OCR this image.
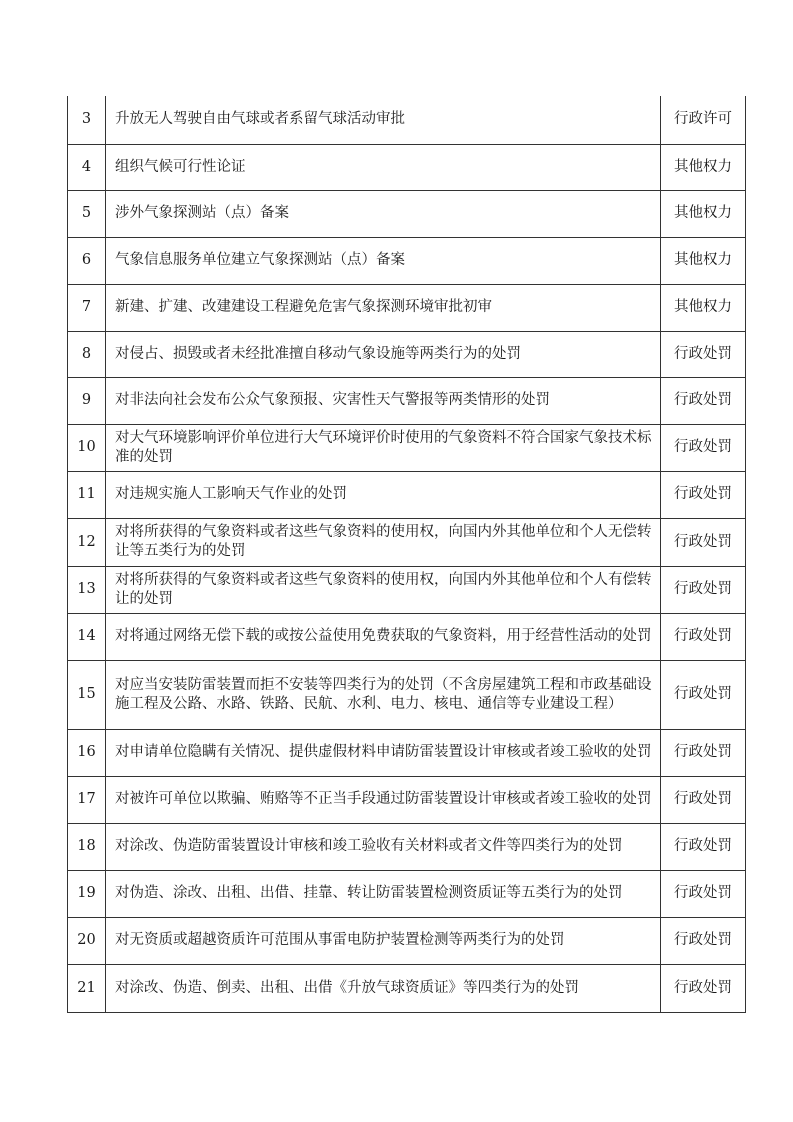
3	升放无人驾驶自由气球或者系留气球活动审批	行政许可
4	组织气候可行性论证	其他权力
5	涉外气象探测站（点）备案	其他权力
6	气象信息服务单位建立气象探测站（点）备案	其他权力
7	新建、扩建、改建建设工程避免危害气象探测环境审批初审	其他权力
8	对侵占、损毁或者未经批准擅自移动气象设施等两类行为的处罚	行政处罚
9	对非法向社会发布公众气象预报、灾害性天气警报等两类情形的处罚	行政处罚
10	对大气环境影响评价单位进行大气环境评价时使用的气象资料不符合国家气象技术标准的处罚	行政处罚
11	对违规实施人工影响天气作业的处罚	行政处罚
12	对将所获得的气象资料或者这些气象资料的使用权，向国内外其他单位和个人无偿转让等五类行为的处罚	行政处罚
13	对将所获得的气象资料或者这些气象资料的使用权，向国内外其他单位和个人有偿转让的处罚	行政处罚
14	对将通过网络无偿下载的或按公益使用免费获取的气象资料，用于经营性活动的处罚	行政处罚
15	对应当安装防雷装置而拒不安装等四类行为的处罚（不含房屋建筑工程和市政基础设施工程及公路、水路、铁路、民航、水利、电力、核电、通信等专业建设工程）	行政处罚
16	对申请单位隐瞒有关情况、提供虚假材料申请防雷装置设计审核或者竣工验收的处罚	行政处罚
17	对被许可单位以欺骗、贿赂等不正当手段通过防雷装置设计审核或者竣工验收的处罚	行政处罚
18	对涂改、伪造防雷装置设计审核和竣工验收有关材料或者文件等四类行为的处罚	行政处罚
19	对伪造、涂改、出租、出借、挂靠、转让防雷装置检测资质证等五类行为的处罚	行政处罚
20	对无资质或超越资质许可范围从事雷电防护装置检测等两类行为的处罚	行政处罚
21	对涂改、伪造、倒卖、出租、出借《升放气球资质证》等四类行为的处罚	行政处罚
